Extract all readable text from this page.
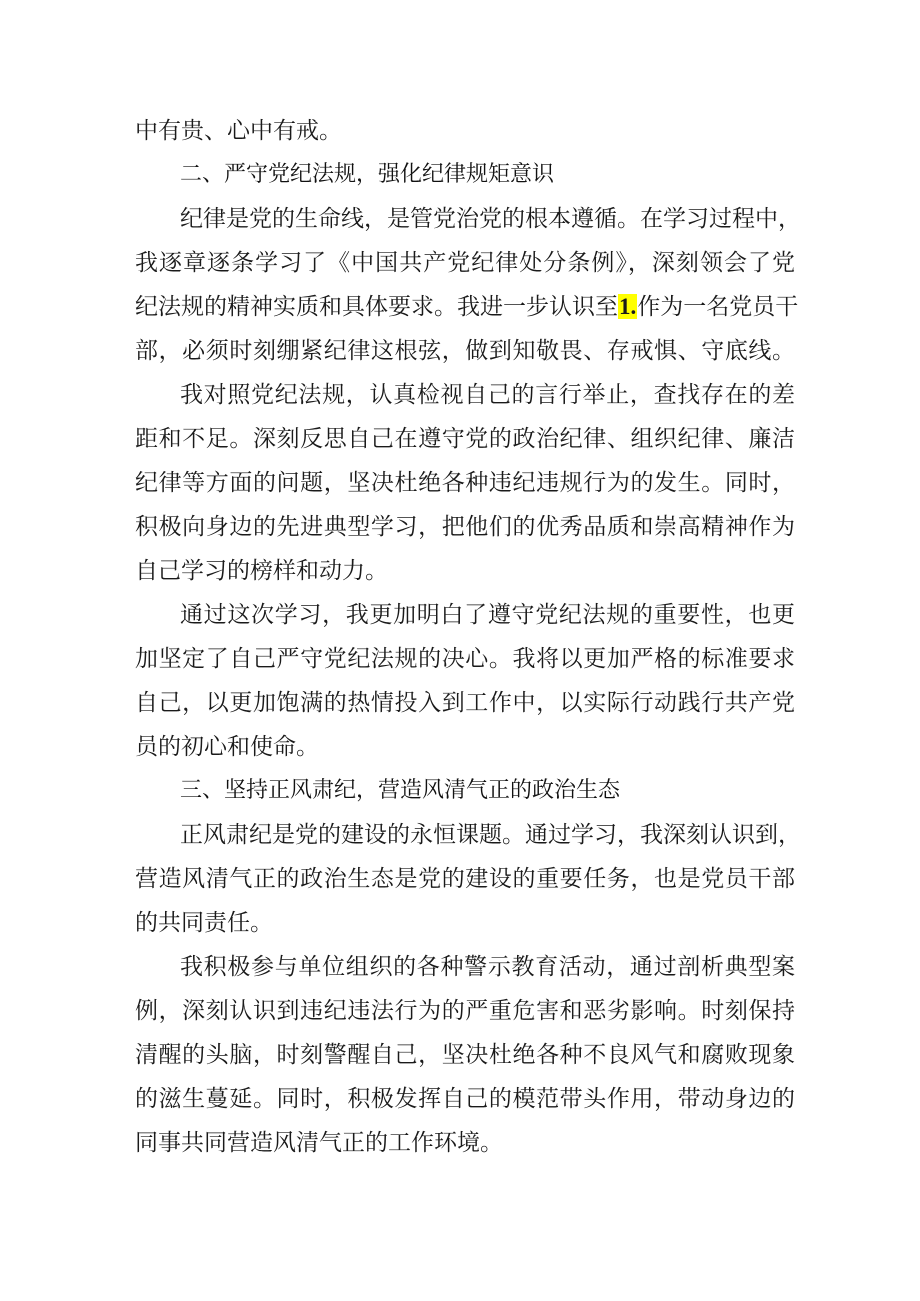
中有贵、心中有戒。
二、严守党纪法规，强化纪律规矩意识
纪律是党的生命线，是管党治党的根本遵循。在学习过程中，
我逐章逐条学习了《中国共产党纪律处分条例》，深刻领会了党
纪法规的精神实质和具体要求。我进一步认识至1.作为一名党员干
部，必须时刻绷紧纪律这根弦，做到知敬畏、存戒惧、守底线。
我对照党纪法规，认真检视自己的言行举止，查找存在的差
距和不足。深刻反思自己在遵守党的政治纪律、组织纪律、廉洁
纪律等方面的问题，坚决杜绝各种违纪违规行为的发生。同时，
积极向身边的先进典型学习，把他们的优秀品质和崇高精神作为
自己学习的榜样和动力。
通过这次学习，我更加明白了遵守党纪法规的重要性，也更
加坚定了自己严守党纪法规的决心。我将以更加严格的标准要求
自己，以更加饱满的热情投入到工作中，以实际行动践行共产党
员的初心和使命。
三、坚持正风肃纪，营造风清气正的政治生态
正风肃纪是党的建设的永恒课题。通过学习，我深刻认识到，
营造风清气正的政治生态是党的建设的重要任务，也是党员干部
的共同责任。
我积极参与单位组织的各种警示教育活动，通过剖析典型案
例，深刻认识到违纪违法行为的严重危害和恶劣影响。时刻保持
清醒的头脑，时刻警醒自己，坚决杜绝各种不良风气和腐败现象
的滋生蔓延。同时，积极发挥自己的模范带头作用，带动身边的
同事共同营造风清气正的工作环境。
